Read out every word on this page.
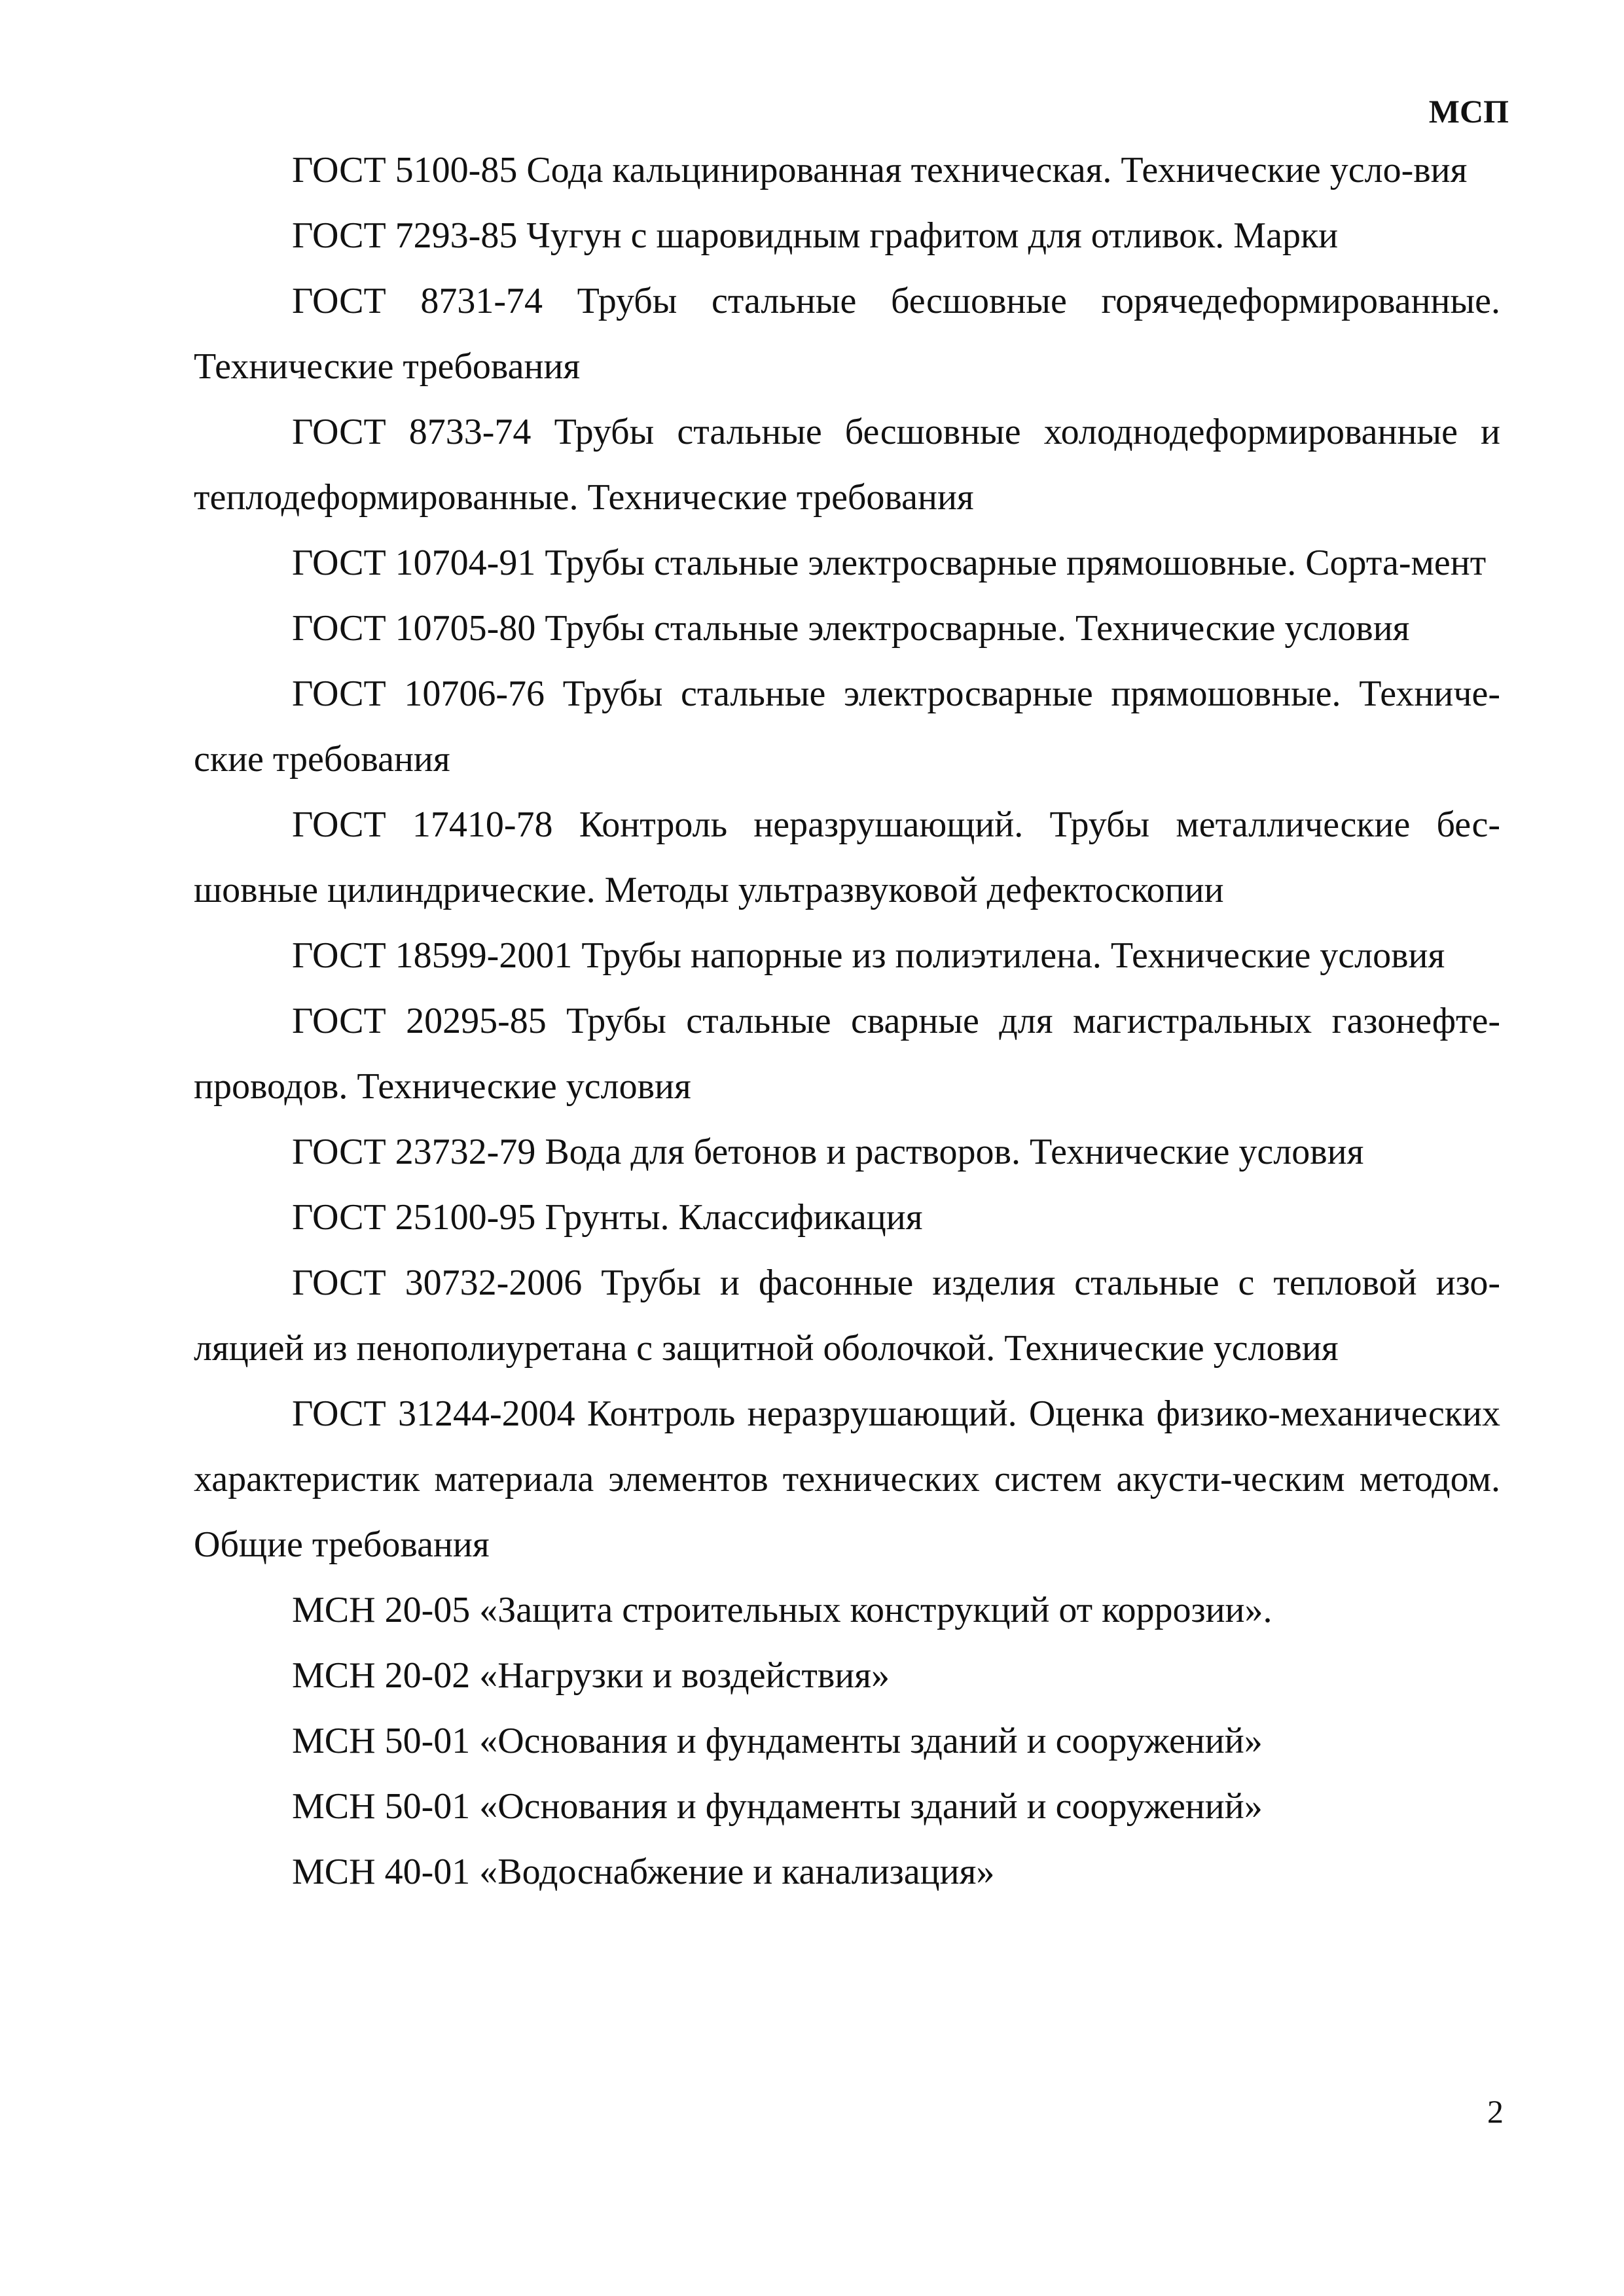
МСП
ГОСТ 5100-85 Сода кальцинированная техническая. Технические усло-вия
ГОСТ 7293-85 Чугун с шаровидным графитом для отливок. Марки
ГОСТ 8731-74 Трубы стальные бесшовные горячедеформированные. Технические требования
ГОСТ 8733-74 Трубы стальные бесшовные холоднодеформированные и теплодеформированные. Технические требования
ГОСТ 10704-91 Трубы стальные электросварные прямошовные. Сорта-мент
ГОСТ 10705-80 Трубы стальные электросварные. Технические условия
ГОСТ 10706-76 Трубы стальные электросварные прямошовные. Техниче-ские требования
ГОСТ 17410-78 Контроль неразрушающий. Трубы металлические бес-шовные цилиндрические. Методы ультразвуковой дефектоскопии
ГОСТ 18599-2001 Трубы напорные из полиэтилена. Технические условия
ГОСТ 20295-85 Трубы стальные сварные для магистральных газонефте-проводов. Технические условия
ГОСТ 23732-79 Вода для бетонов и растворов. Технические условия
ГОСТ 25100-95 Грунты. Классификация
ГОСТ 30732-2006 Трубы и фасонные изделия стальные с тепловой изо-ляцией из пенополиуретана с защитной оболочкой. Технические условия
ГОСТ 31244-2004 Контроль неразрушающий. Оценка физико-механических характеристик материала элементов технических систем акусти-ческим методом. Общие требования
МСН 20-05 «Защита строительных конструкций от коррозии».
МСН 20-02 «Нагрузки и воздействия»
МСН 50-01 «Основания и фундаменты зданий и сооружений»
МСН 50-01 «Основания и фундаменты зданий и сооружений»
МСН 40-01 «Водоснабжение и канализация»
2
